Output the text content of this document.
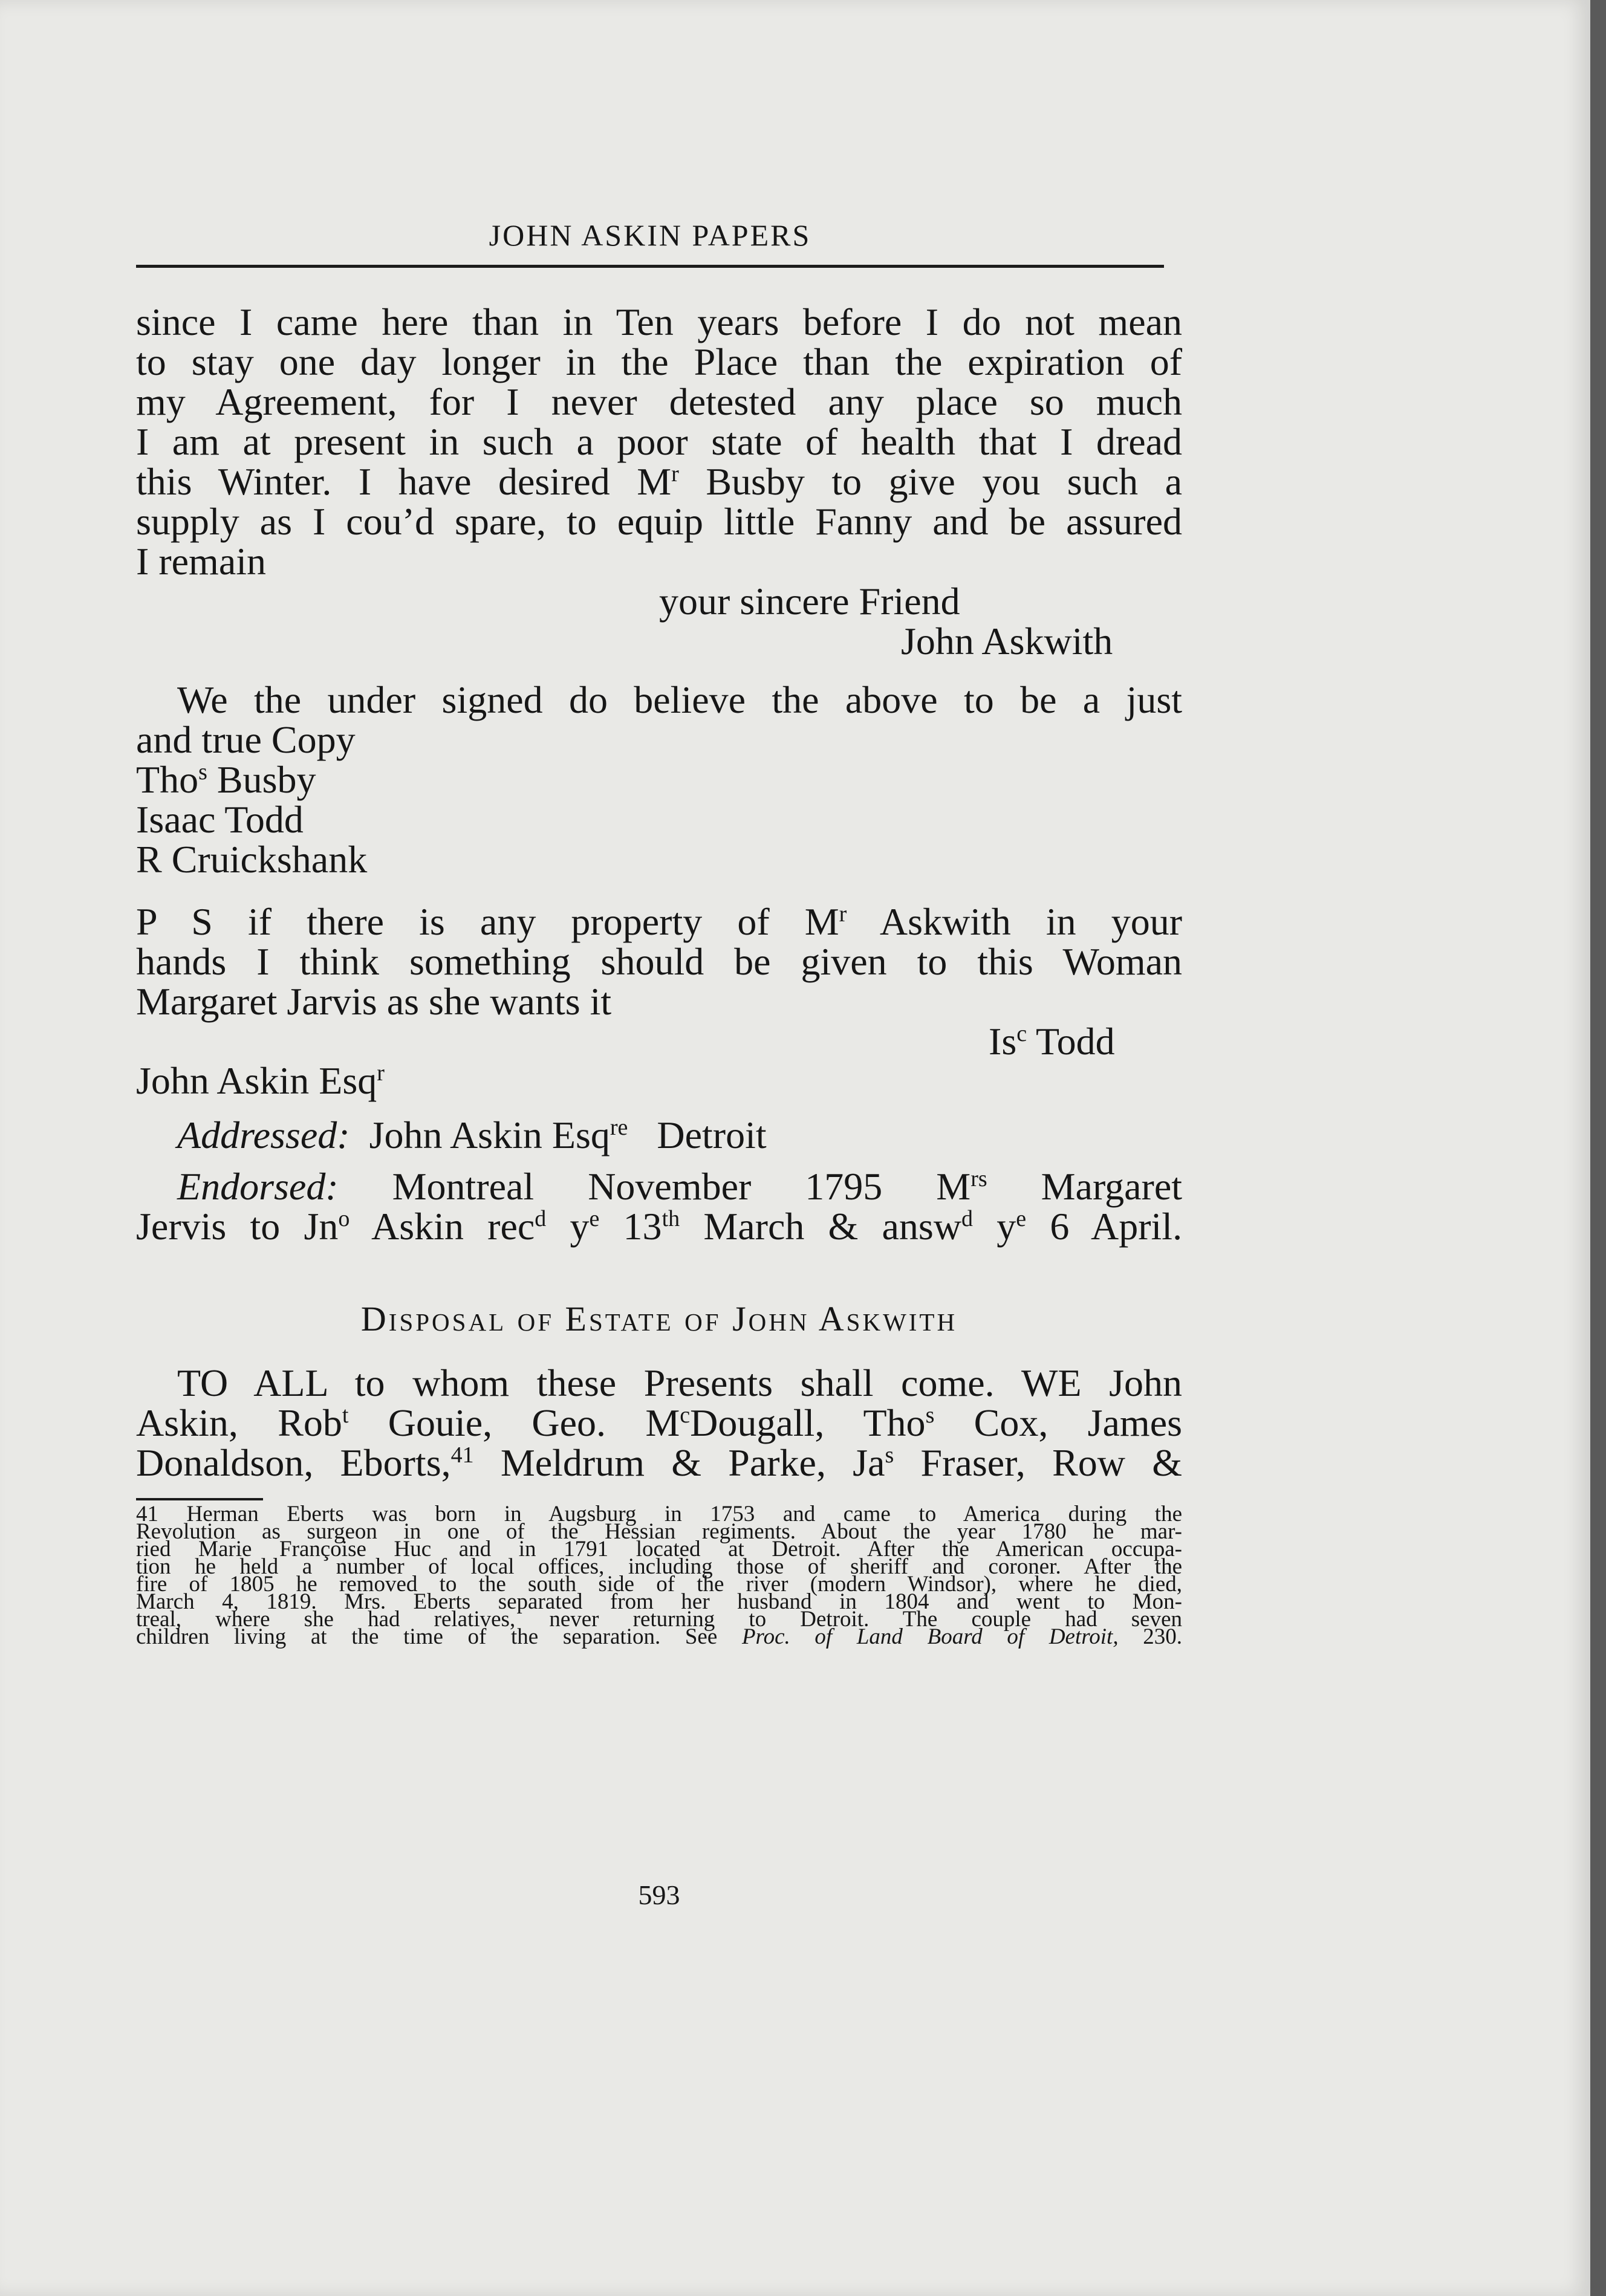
JOHN ASKIN PAPERS
since I came here than in Ten years before I do not mean
to stay one day longer in the Place than the expiration of
my Agreement, for I never detested any place so much
I am at present in such a poor state of health that I dread
this Winter. I have desired $M^r$ Busby to give you such a
supply as I cou’d spare, to equip little Fanny and be assured
I remain
your sincere Friend
John Askwith
We the under signed do believe the above to be a just
and true Copy
Tho$^s$ Busby
Isaac Todd
R Cruickshank
P S if there is any property of $M^r$ Askwith in your
hands I think something should be given to this Woman
Margaret Jarvis as she wants it
Is$^c$ Todd
John Askin Esq$^r$
Addressed: John Askin Esq$^{re}$ Detroit
Endorsed: Montreal November 1795 $M^{rs}$ Margaret
Jervis to Jn$^o$ Askin rec$^d$ $y^e$ 13th March & answ$^d$ $y^e$ 6 April.
Disposal of Estate of John Askwith
TO ALL to whom these Presents shall come. WE John
Askin, Rob$^t$ Gouie, Geo. $M^cDougall$, Tho$^s$ Cox, James
Donaldson, Eborts,$^{41}$ Meldrum & Parke, Ja$^s$ Fraser, Row &
41 Herman Eberts was born in Augsburg in 1753 and came to America during the
Revolution as surgeon in one of the Hessian regiments. About the year 1780 he mar-
ried Marie Françoise Huc and in 1791 located at Detroit. After the American occupa-
tion he held a number of local offices, including those of sheriff and coroner. After the
fire of 1805 he removed to the south side of the river (modern Windsor), where he died,
March 4, 1819. Mrs. Eberts separated from her husband in 1804 and went to Mon-
treal, where she had relatives, never returning to Detroit. The couple had seven
children living at the time of the separation. See Proc. of Land Board of Detroit, 230.
593
